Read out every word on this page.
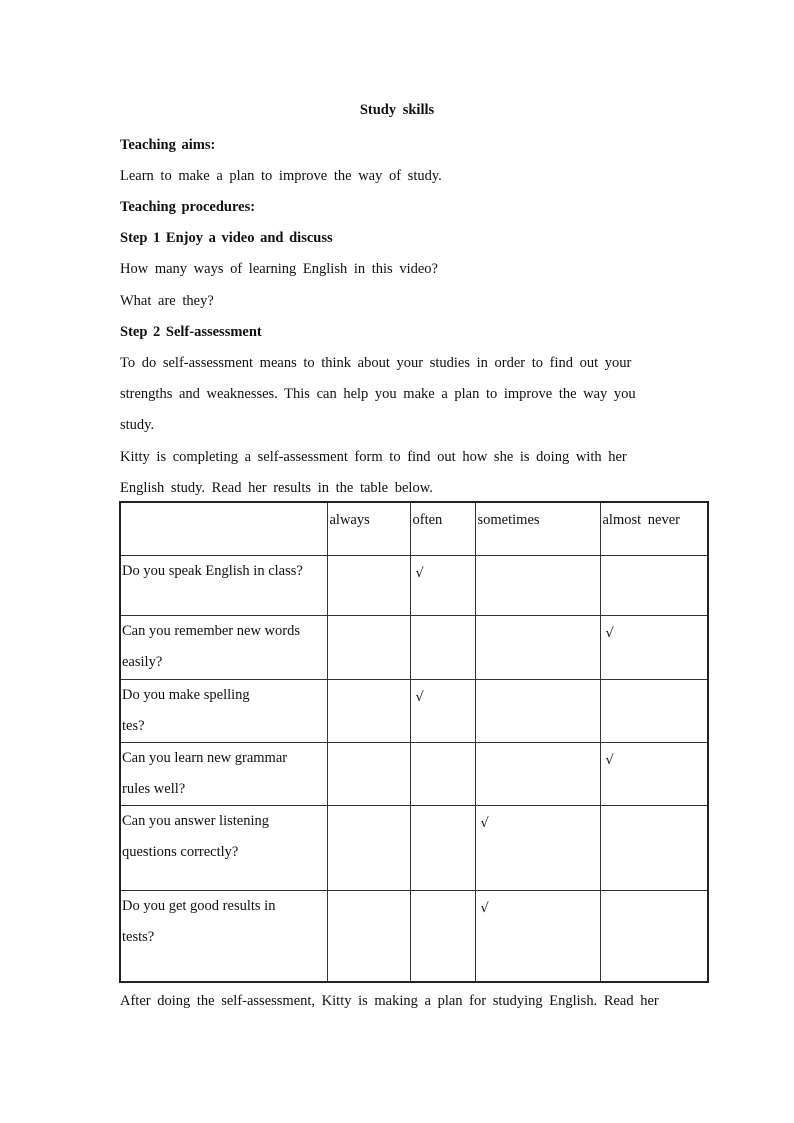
Study skills
Teaching aims:
Learn to make a plan to improve the way of study.
Teaching procedures:
Step 1 Enjoy a video and discuss
How many ways of learning English in this video?
What are they?
Step 2 Self-assessment
To do self-assessment means to think about your studies in order to find out your
strengths and weaknesses. This can help you make a plan to improve the way you
study.
Kitty is completing a self-assessment form to find out how she is doing with her
English study. Read her results in the table below.

	always	often	sometimes	almost never

Do you speak English in class?		√		

Can you remember new words
easily?				√

Do you make spelling
tes?		√		

Can you learn new grammar
rules well?				√

Can you answer listening
questions correctly?			√	

Do you get good results in
tests?			√	

After doing the self-assessment, Kitty is making a plan for studying English. Read her
